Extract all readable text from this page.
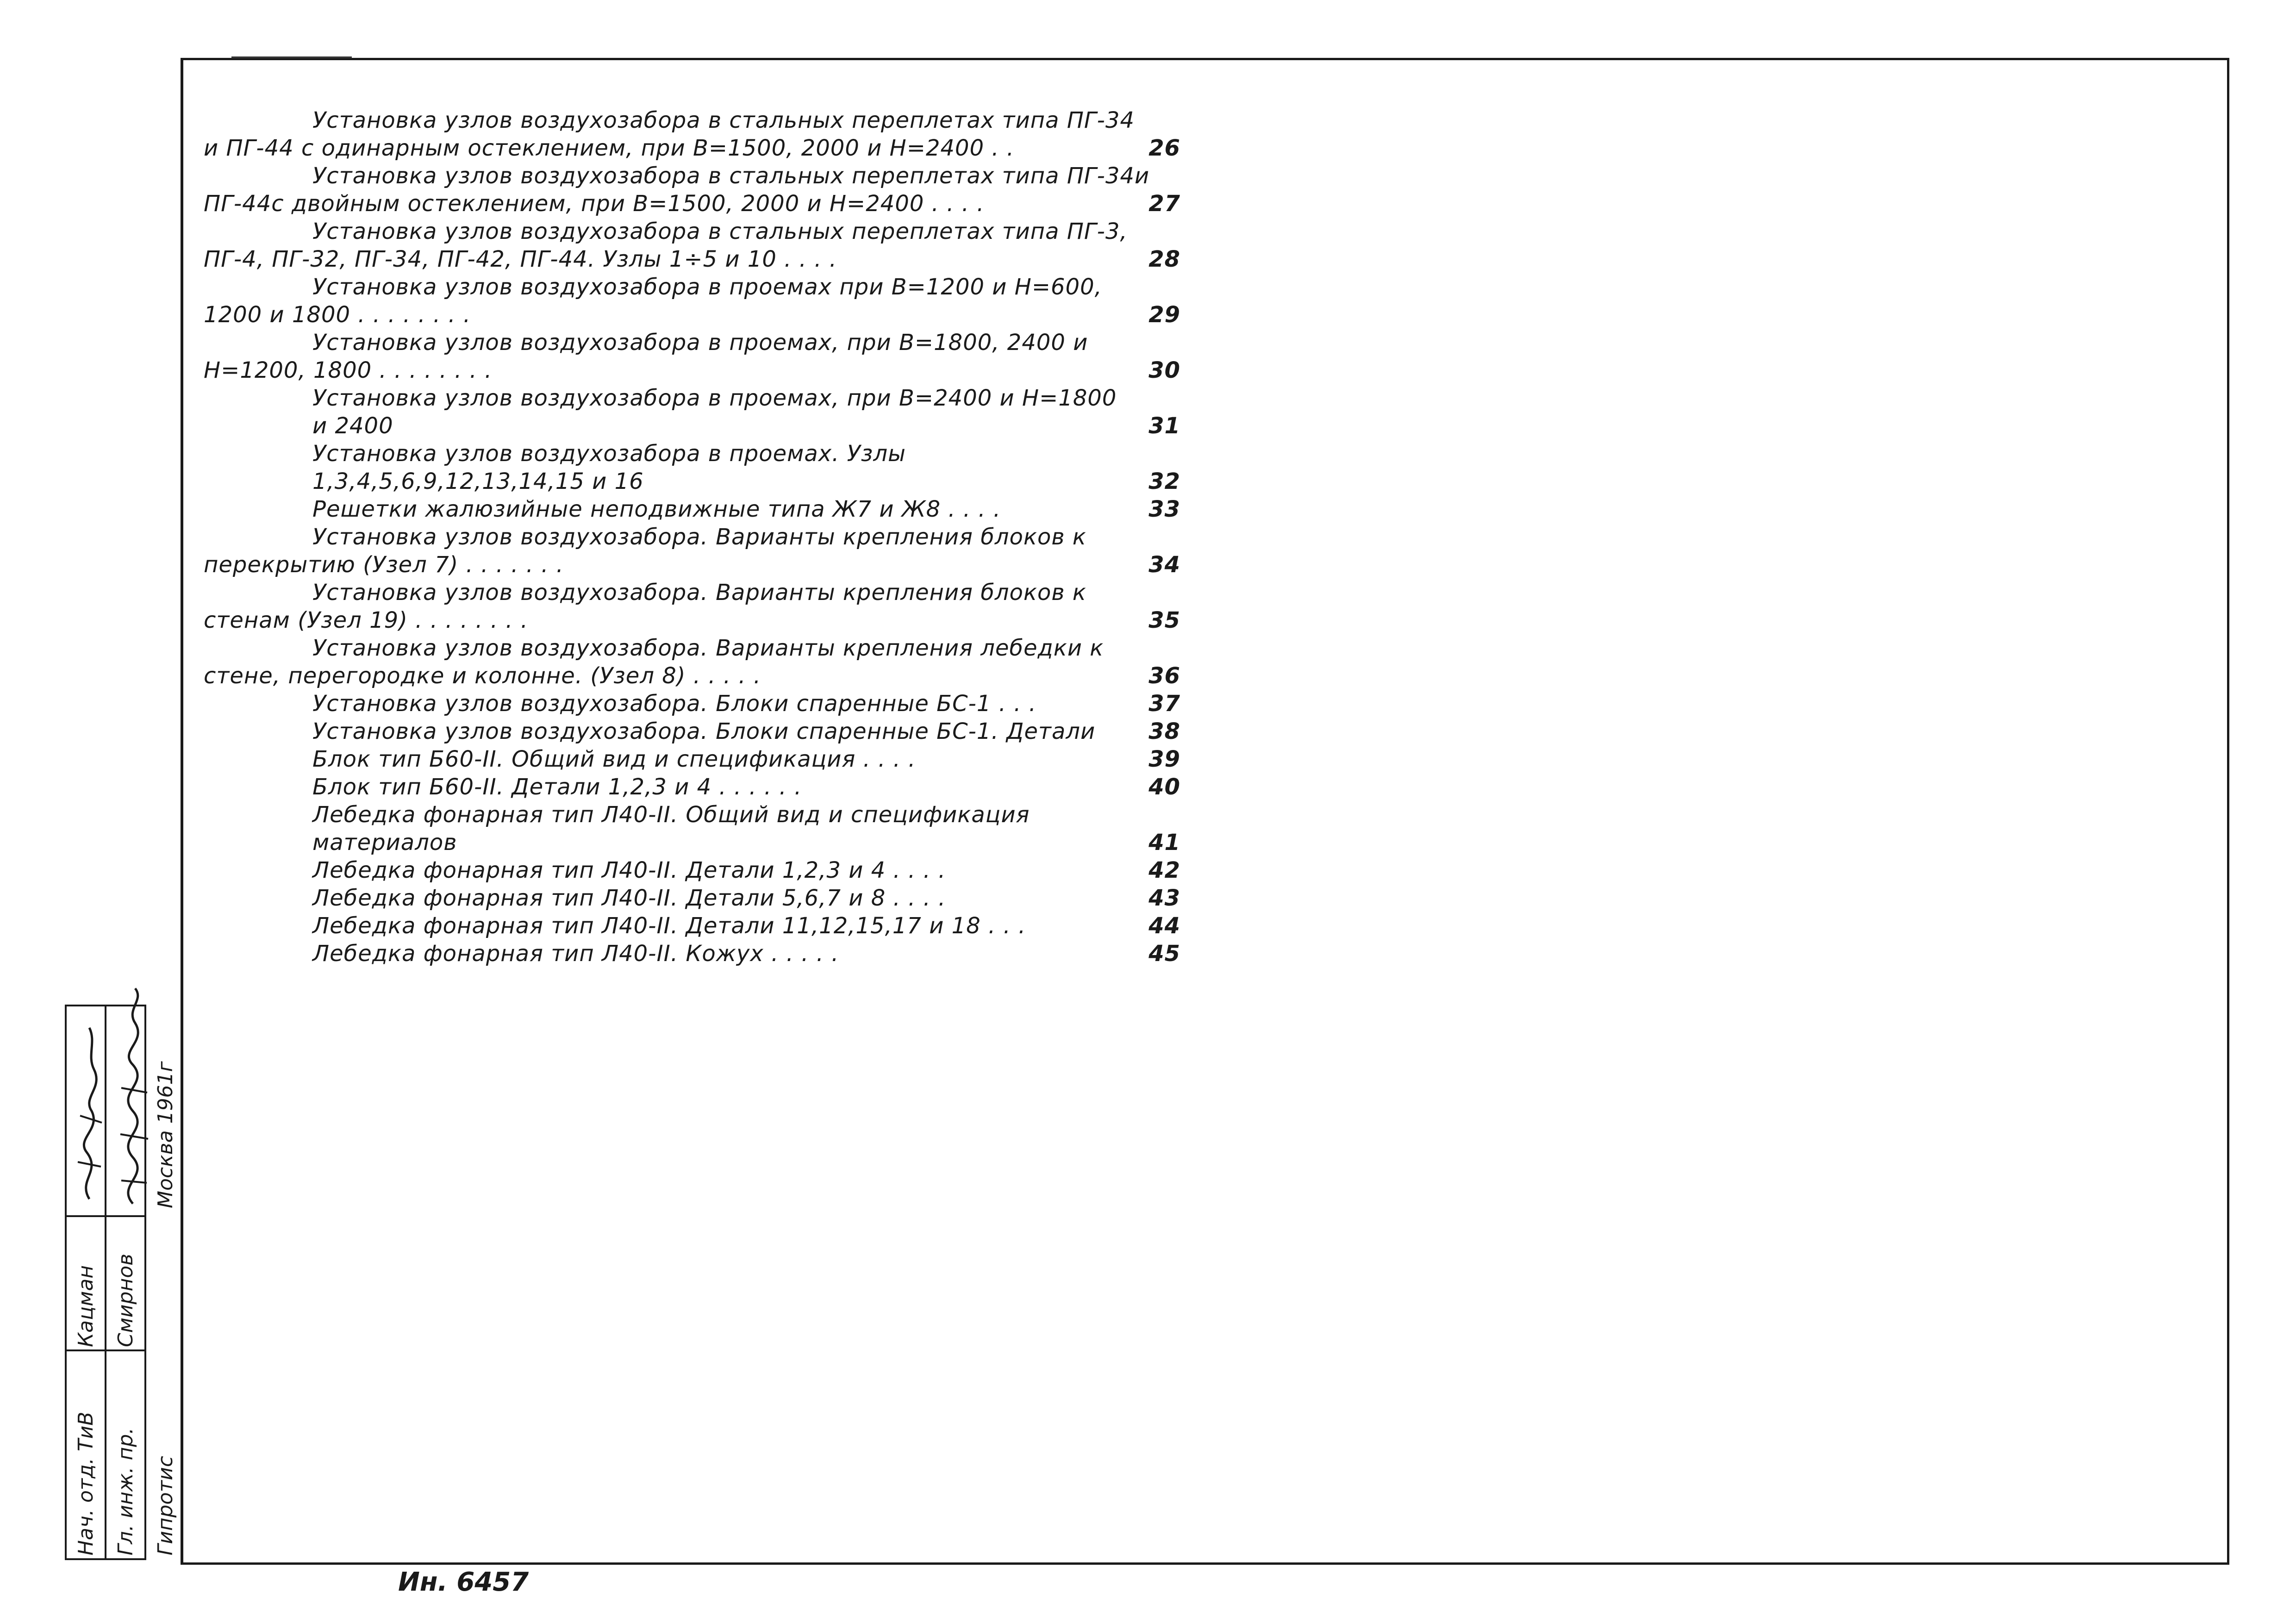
Установка узлов воздухозабора в стальных переплетах типа ПГ-34
и ПГ-44 с одинарным остеклением, при В=1500, 2000 и Н=2400 . .	26
Установка узлов воздухозабора в стальных переплетах типа ПГ-34и
ПГ-44с двойным остеклением, при В=1500, 2000 и Н=2400 . . . .	27
Установка узлов воздухозабора в стальных переплетах типа ПГ-3,
ПГ-4, ПГ-32, ПГ-34, ПГ-42, ПГ-44. Узлы 1÷5 и 10 . . . .	28
Установка узлов воздухозабора в проемах при В=1200 и Н=600,
1200 и 1800 . . . . . . . .	29
Установка узлов воздухозабора в проемах, при В=1800, 2400 и
Н=1200, 1800 . . . . . . . .	30
Установка узлов воздухозабора в проемах, при В=2400 и Н=1800 и 2400	31
Установка узлов воздухозабора в проемах. Узлы 1,3,4,5,6,9,12,13,14,15 и 16	32
Решетки жалюзийные неподвижные типа Ж7 и Ж8 . . . .	33
Установка узлов воздухозабора. Варианты крепления блоков к
перекрытию (Узел 7) . . . . . . .	34
Установка узлов воздухозабора. Варианты крепления блоков к
стенам (Узел 19) . . . . . . . .	35
Установка узлов воздухозабора. Варианты крепления лебедки к
стене, перегородке и колонне. (Узел 8) . . . . .	36
Установка узлов воздухозабора. Блоки спаренные БС-1 . . .	37
Установка узлов воздухозабора. Блоки спаренные БС-1. Детали	38
Блок тип Б60-II. Общий вид и спецификация . . . .	39
Блок тип Б60-II. Детали 1,2,3 и 4 . . . . . .	40
Лебедка фонарная тип Л40-II. Общий вид и спецификация материалов	41
Лебедка фонарная тип Л40-II. Детали 1,2,3 и 4 . . . .	42
Лебедка фонарная тип Л40-II. Детали 5,6,7 и 8 . . . .	43
Лебедка фонарная тип Л40-II. Детали 11,12,15,17 и 18 . . .	44
Лебедка фонарная тип Л40-II. Кожух . . . . .	45
Нач. отд. ТиВ
Кацман
Гл. инж. пр.
Смирнов
Гипротис
Москва 1961г
Ин. 6457
